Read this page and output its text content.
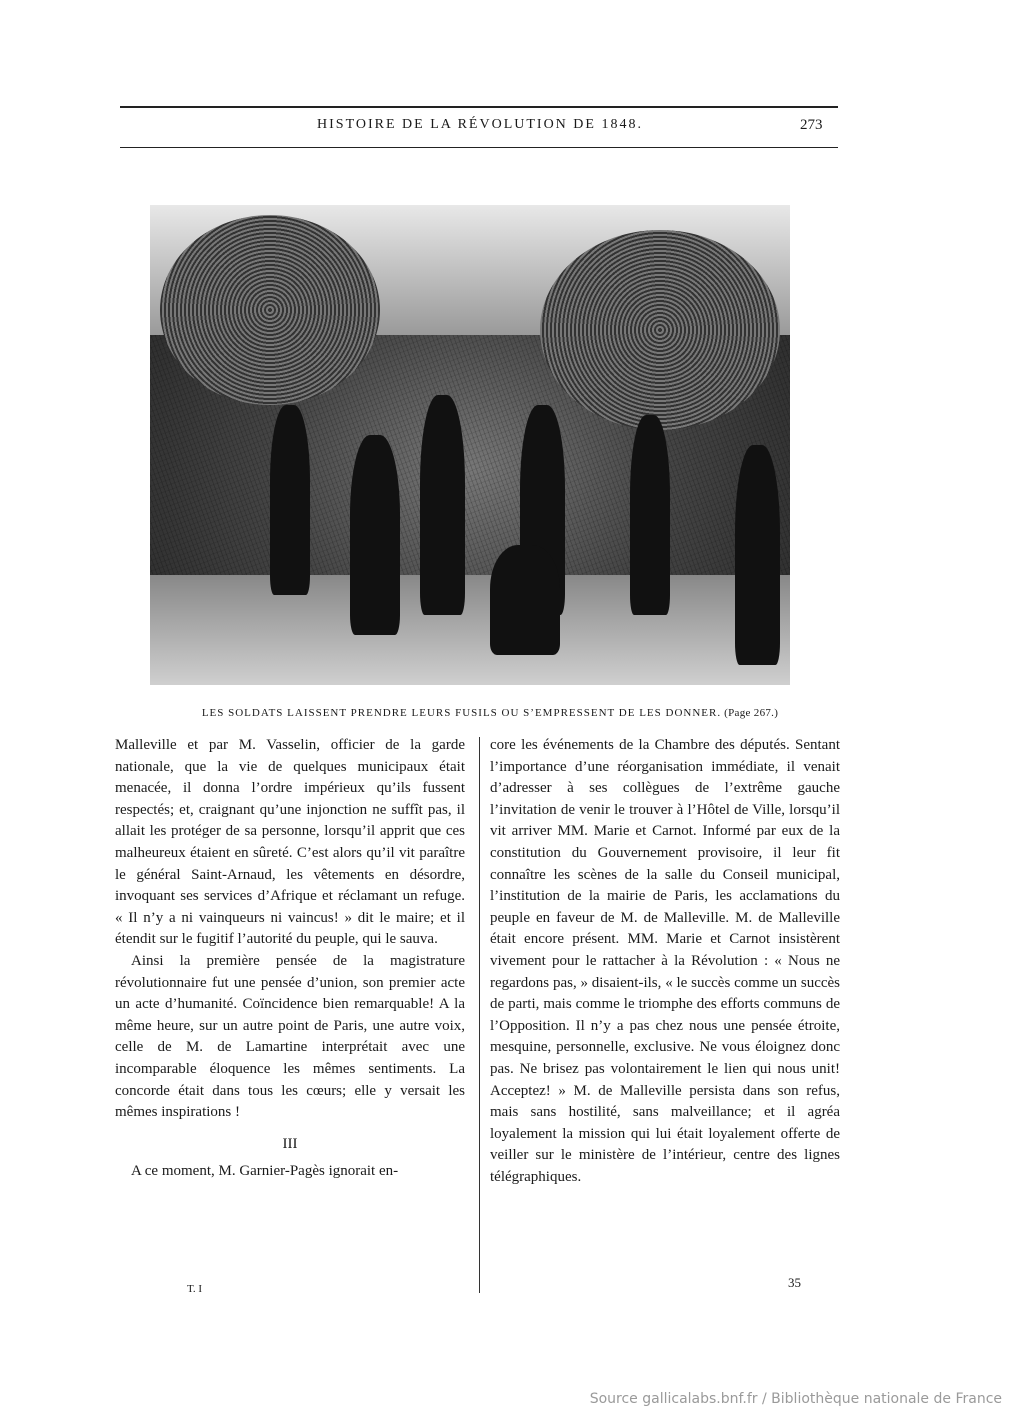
HISTOIRE DE LA RÉVOLUTION DE 1848.	273
LES SOLDATS LAISSENT PRENDRE LEURS FUSILS OU S’EMPRESSENT DE LES DONNER. (Page 267.)

Malleville et par M. Vasselin, officier de la garde nationale, que la vie de quelques municipaux était menacée, il donna l’ordre impérieux qu’ils fussent respectés; et, craignant qu’une injonction ne suffît pas, il allait les protéger de sa personne, lorsqu’il apprit que ces malheureux étaient en sûreté. C’est alors qu’il vit paraître le général Saint-Arnaud, les vêtements en désordre, invoquant ses services d’Afrique et réclamant un refuge. « Il n’y a ni vainqueurs ni vaincus! » dit le maire; et il étendit sur le fugitif l’autorité du peuple, qui le sauva.

Ainsi la première pensée de la magistrature révolutionnaire fut une pensée d’union, son premier acte un acte d’humanité. Coïncidence bien remarquable! A la même heure, sur un autre point de Paris, une autre voix, celle de M. de Lamartine interprétait avec une incomparable éloquence les mêmes sentiments. La concorde était dans tous les cœurs; elle y versait les mêmes inspirations !

III

A ce moment, M. Garnier-Pagès ignorait en-

core les événements de la Chambre des députés. Sentant l’importance d’une réorganisation immédiate, il venait d’adresser à ses collègues de l’extrême gauche l’invitation de venir le trouver à l’Hôtel de Ville, lorsqu’il vit arriver MM. Marie et Carnot. Informé par eux de la constitution du Gouvernement provisoire, il leur fit connaître les scènes de la salle du Conseil municipal, l’institution de la mairie de Paris, les acclamations du peuple en faveur de M. de Malleville. M. de Malleville était encore présent. MM. Marie et Carnot insistèrent vivement pour le rattacher à la Révolution : « Nous ne regardons pas, » disaient-ils, « le succès comme un succès de parti, mais comme le triomphe des efforts communs de l’Opposition. Il n’y a pas chez nous une pensée étroite, mesquine, personnelle, exclusive. Ne vous éloignez donc pas. Ne brisez pas volontairement le lien qui nous unit! Acceptez! » M. de Malleville persista dans son refus, mais sans hostilité, sans malveillance; et il agréa loyalement la mission qui lui était loyalement offerte de veiller sur le ministère de l’intérieur, centre des lignes télégraphiques.

T. I	35
Source gallicalabs.bnf.fr / Bibliothèque nationale de France
